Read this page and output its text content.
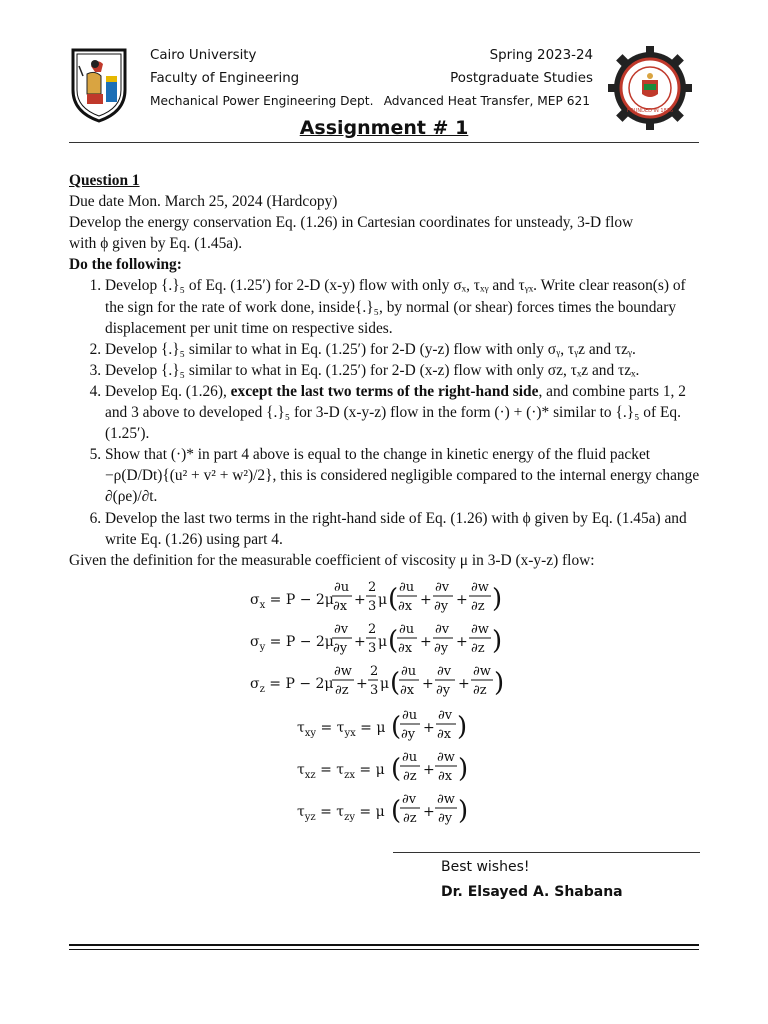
Cairo University
Faculty of Engineering
Mechanical Power Engineering Dept.
Spring 2023-24
Postgraduate Studies
Advanced Heat Transfer, MEP 621
FOUNDED IN 1816
Assignment # 1
Question 1
Due date Mon. March 25, 2024 (Hardcopy)
Develop the energy conservation Eq. (1.26) in Cartesian coordinates for unsteady, 3-D flow
with ϕ given by Eq. (1.45a).
Do the following:
1. Develop {.}₅ of Eq. (1.25′) for 2-D (x-y) flow with only σₓ, τₓᵧ and τᵧₓ. Write clear reason(s) of the sign for the rate of work done, inside{.}₅, by normal (or shear) forces times the boundary displacement per unit time on respective sides.
2. Develop {.}₅ similar to what in Eq. (1.25′) for 2-D (y-z) flow with only σᵧ, τᵧz and τzᵧ.
3. Develop {.}₅ similar to what in Eq. (1.25′) for 2-D (x-z) flow with only σz, τₓz and τzₓ.
4. Develop Eq. (1.26), except the last two terms of the right-hand side, and combine parts 1, 2 and 3 above to developed {.}₅ for 3-D (x-y-z) flow in the form (·) + (·)* similar to {.}₅ of Eq. (1.25′).
5. Show that (·)* in part 4 above is equal to the change in kinetic energy of the fluid packet −ρ(D/Dt){(u² + v² + w²)/2}, this is considered negligible compared to the internal energy change ∂(ρe)/∂t.
6. Develop the last two terms in the right-hand side of Eq. (1.26) with ϕ given by Eq. (1.45a) and write Eq. (1.26) using part 4.
Given the definition for the measurable coefficient of viscosity μ in 3-D (x-y-z) flow:
$\sigma_x = P - 2\mu$
∂u
∂x +
2
3 μ ( ∂u
∂x +
∂v
∂y +
∂w
∂z )
$\sigma_y = P - 2\mu$
∂v
∂y +
2
3 μ ( ∂u
∂x +
∂v
∂y +
∂w
∂z )
$\sigma_z = P - 2\mu$
∂w
∂z +
2
3 μ ( ∂u
∂x +
∂v
∂y +
∂w
∂z )
$\tau_{xy} = \tau_{yx} = \mu$ ( ∂u
∂y +
∂v
∂x )
$\tau_{xz} = \tau_{zx} = \mu$ ( ∂u
∂z +
∂w
∂x )
$\tau_{yz} = \tau_{zy} = \mu$ ( ∂v
∂z +
∂w
∂y )
Best wishes!
Dr. Elsayed A. Shabana
